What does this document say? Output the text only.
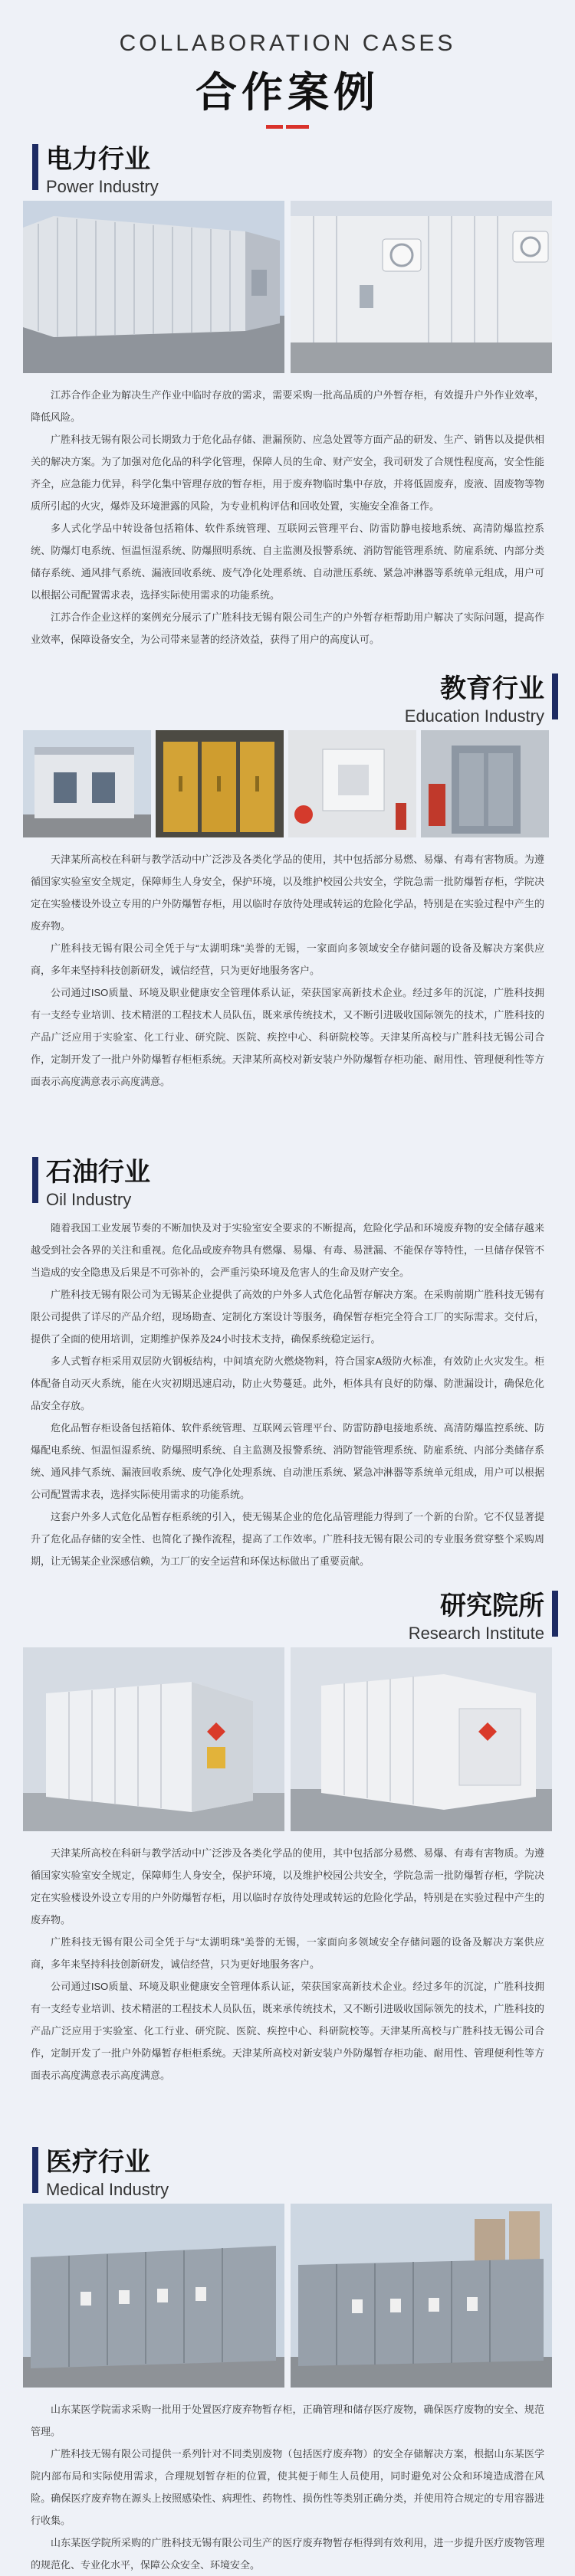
COLLABORATION CASES
合作案例
电力行业
Power Industry

江苏合作企业为解决生产作业中临时存放的需求，需要采购一批高品质的户外暂存柜，有效提升户外作业效率，降低风险。

广胜科技无锡有限公司长期致力于危化品存储、泄漏预防、应急处置等方面产品的研发、生产、销售以及提供相关的解决方案。为了加强对危化品的科学化管理，保障人员的生命、财产安全，我司研发了合规性程度高，安全性能齐全，应急能力优异，科学化集中管理存放的暂存柜，用于废弃物临时集中存放，并将低固废弃，废液、固废物等物质所引起的火灾，爆炸及环境泄露的风险，为专业机构评估和回收处置，实施安全准备工作。

多人式化学品中转设备包括箱体、软件系统管理、互联网云管理平台、防雷防静电接地系统、高清防爆监控系统、防爆灯电系统、恒温恒湿系统、防爆照明系统、自主监测及报警系统、消防智能管理系统、防雇系统、内部分类储存系统、通风排气系统、漏液回收系统、废气净化处理系统、自动泄压系统、紧急冲淋器等系统单元组成，用户可以根据公司配置需求表，选择实际使用需求的功能系统。

江苏合作企业这样的案例充分展示了广胜科技无锡有限公司生产的户外暂存柜帮助用户解决了实际问题，提高作业效率，保障设备安全，为公司带来显著的经济效益，获得了用户的高度认可。

教育行业
Education Industry

天津某所高校在科研与教学活动中广泛涉及各类化学品的使用，其中包括部分易燃、易爆、有毒有害物质。为遵循国家实验室安全规定，保障师生人身安全，保护环境，以及维护校园公共安全，学院急需一批防爆暂存柜，学院决定在实验楼设外设立专用的户外防爆暂存柜，用以临时存放待处理或转运的危险化学品，特别是在实验过程中产生的废弃物。

广胜科技无锡有限公司全凭于与“太湖明珠”美誉的无锡，一家面向多领域安全存储问题的设备及解决方案供应商，多年来坚持科技创新研发，诚信经营，只为更好地服务客户。

公司通过ISO质量、环境及职业健康安全管理体系认证，荣获国家高新技术企业。经过多年的沉淀，广胜科技拥有一支经专业培训、技术精湛的工程技术人员队伍，既来承传统技术，又不断引进吸收国际领先的技术，广胜科技的产品广泛应用于实验室、化工行业、研究院、医院、疾控中心、科研院校等。天津某所高校与广胜科技无锡公司合作，定制开发了一批户外防爆暂存柜柜系统。天津某所高校对新安装户外防爆暂存柜功能、耐用性、管理便利性等方面表示高度满意表示高度满意。

石油行业
Oil Industry

随着我国工业发展节奏的不断加快及对于实验室安全要求的不断提高，危险化学品和环境废弃物的安全储存越来越受到社会各界的关注和重视。危化品或废弃物具有燃爆、易爆、有毒、易泄漏、不能保存等特性，一旦储存保管不当造成的安全隐患及后果是不可弥补的，会严重污染环境及危害人的生命及财产安全。

广胜科技无锡有限公司为无锡某企业提供了高效的户外多人式危化品暂存解决方案。在采购前期广胜科技无锡有限公司提供了详尽的产品介绍，现场勘查、定制化方案设计等服务，确保暂存柜完全符合工厂的实际需求。交付后，提供了全面的使用培训，定期维护保养及24小时技术支持，确保系统稳定运行。

多人式暂存柜采用双层防火钢板结构，中间填充防火燃烧物料，符合国家A级防火标准，有效防止火灾发生。柜体配备自动灭火系统，能在火灾初期迅速启动，防止火势蔓延。此外，柜体具有良好的防爆、防泄漏设计，确保危化品安全存放。

危化品暂存柜设备包括箱体、软件系统管理、互联网云管理平台、防雷防静电接地系统、高清防爆监控系统、防爆配电系统、恒温恒湿系统、防爆照明系统、自主监测及报警系统、消防智能管理系统、防雇系统、内部分类储存系统、通风排气系统、漏液回收系统、废气净化处理系统、自动泄压系统、紧急冲淋器等系统单元组成，用户可以根据公司配置需求表，选择实际使用需求的功能系统。

这套户外多人式危化品暂存柜系统的引入，使无锡某企业的危化品管理能力得到了一个新的台阶。它不仅显著提升了危化品存储的安全性、也简化了操作流程，提高了工作效率。广胜科技无锡有限公司的专业服务赏穿整个采购周期，让无锡某企业深感信赖，为工厂的安全运营和环保达标做出了重要贡献。

研究院所
Research Institute

天津某所高校在科研与教学活动中广泛涉及各类化学品的使用，其中包括部分易燃、易爆、有毒有害物质。为遵循国家实验室安全规定，保障师生人身安全，保护环境，以及维护校园公共安全，学院急需一批防爆暂存柜，学院决定在实验楼设外设立专用的户外防爆暂存柜，用以临时存放待处理或转运的危险化学品，特别是在实验过程中产生的废弃物。

广胜科技无锡有限公司全凭于与“太湖明珠”美誉的无锡，一家面向多领域安全存储问题的设备及解决方案供应商，多年来坚持科技创新研发，诚信经营，只为更好地服务客户。

公司通过ISO质量、环境及职业健康安全管理体系认证，荣获国家高新技术企业。经过多年的沉淀，广胜科技拥有一支经专业培训、技术精湛的工程技术人员队伍，既来承传统技术，又不断引进吸收国际领先的技术，广胜科技的产品广泛应用于实验室、化工行业、研究院、医院、疾控中心、科研院校等。天津某所高校与广胜科技无锡公司合作，定制开发了一批户外防爆暂存柜柜系统。天津某所高校对新安装户外防爆暂存柜功能、耐用性、管理便利性等方面表示高度满意表示高度满意。

医疗行业
Medical Industry

山东某医学院需求采购一批用于处置医疗废弃物暂存柜，正确管理和储存医疗废物，确保医疗废物的安全、规范管理。

广胜科技无锡有限公司提供一系列针对不同类别废物（包括医疗废弃物）的安全存储解决方案，根据山东某医学院内部布局和实际使用需求，合理规划暂存柜的位置，使其便于师生人员使用，同时避免对公众和环境造成潜在风险。确保医疗废弃物在源头上按照感染性、病理性、药物性、损伤性等类别正确分类，并使用符合规定的专用容器进行收集。

山东某医学院所采购的广胜科技无锡有限公司生产的医疗废弃物暂存柜得到有效利用，进一步提升医疗废物管理的规范化、专业化水平，保障公众安全、环境安全。
